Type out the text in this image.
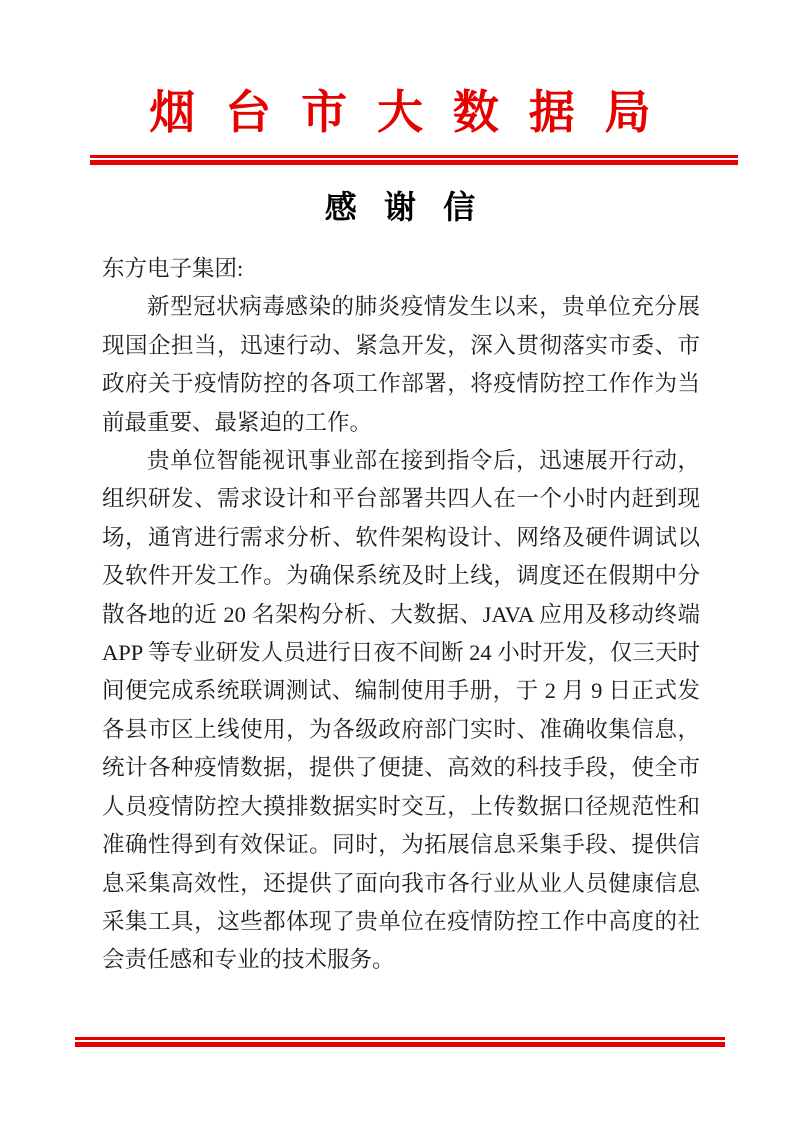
烟台市大数据局
感谢信

东方电子集团:

新型冠状病毒感染的肺炎疫情发生以来，贵单位充分展现国企担当，迅速行动、紧急开发，深入贯彻落实市委、市政府关于疫情防控的各项工作部署，将疫情防控工作作为当前最重要、最紧迫的工作。

贵单位智能视讯事业部在接到指令后，迅速展开行动，组织研发、需求设计和平台部署共四人在一个小时内赶到现场，通宵进行需求分析、软件架构设计、网络及硬件调试以及软件开发工作。为确保系统及时上线，调度还在假期中分散各地的近 20 名架构分析、大数据、JAVA 应用及移动终端 APP 等专业研发人员进行日夜不间断 24 小时开发，仅三天时间便完成系统联调测试、编制使用手册，于 2 月 9 日正式发各县市区上线使用，为各级政府部门实时、准确收集信息，统计各种疫情数据，提供了便捷、高效的科技手段，使全市人员疫情防控大摸排数据实时交互，上传数据口径规范性和准确性得到有效保证。同时，为拓展信息采集手段、提供信息采集高效性，还提供了面向我市各行业从业人员健康信息采集工具，这些都体现了贵单位在疫情防控工作中高度的社会责任感和专业的技术服务。
